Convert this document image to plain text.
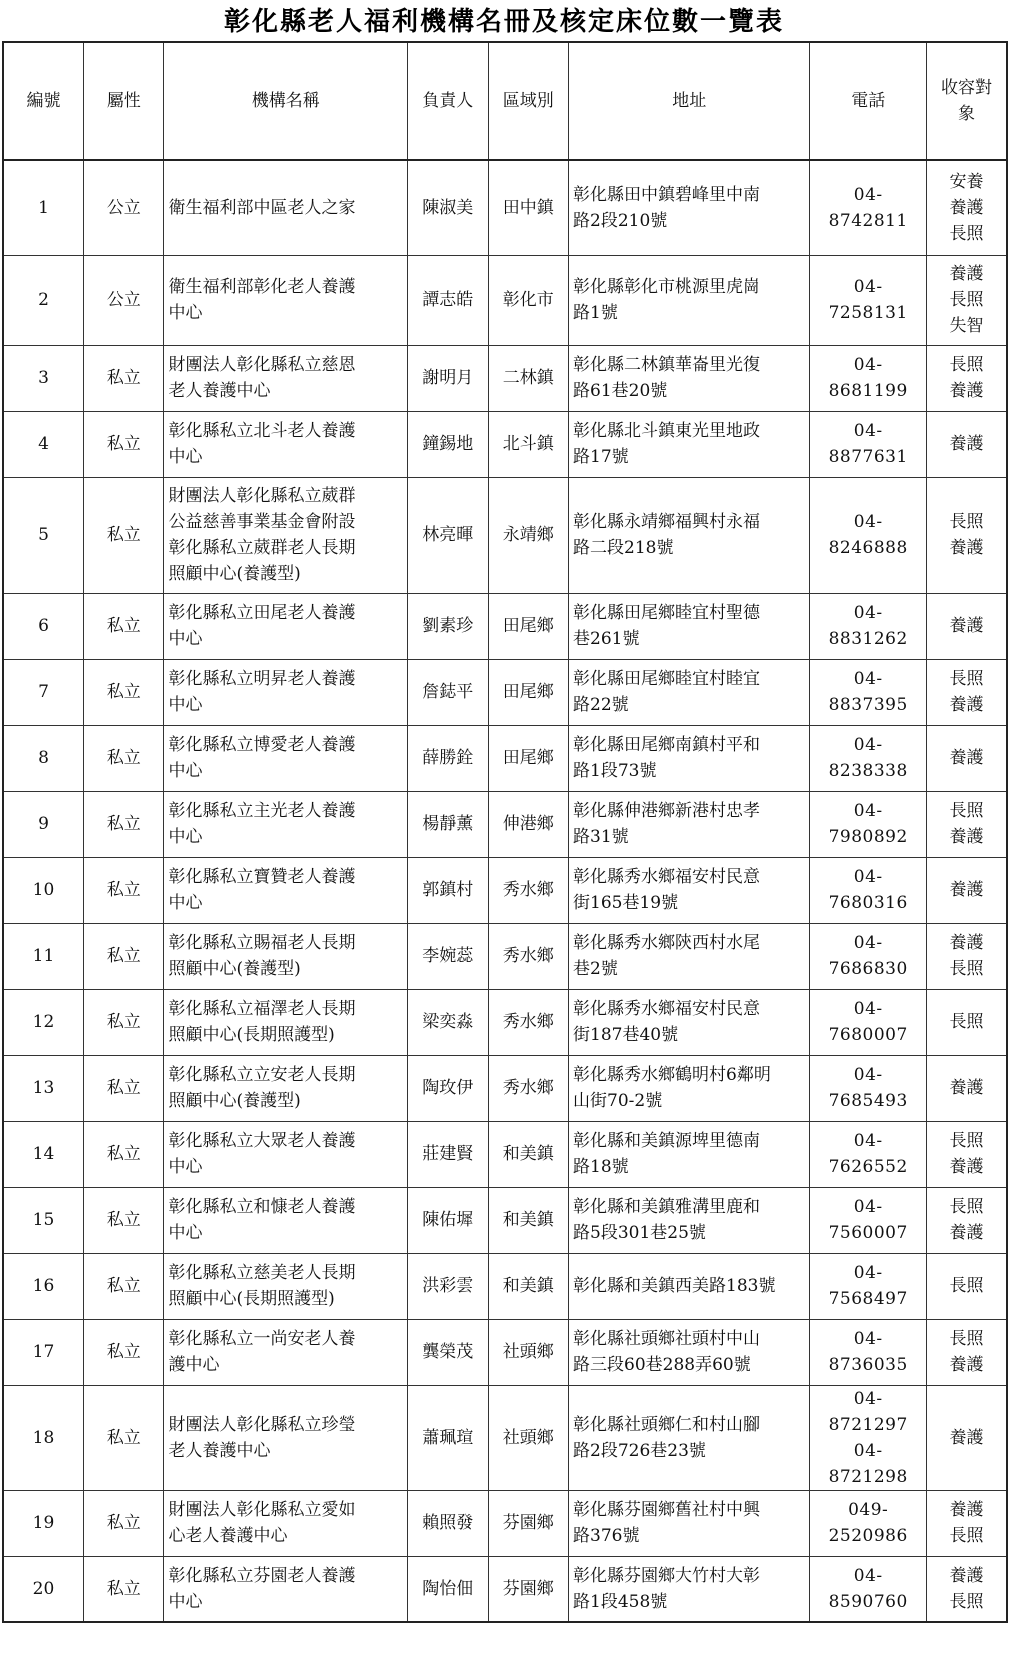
彰化縣老人福利機構名冊及核定床位數一覽表
編號	屬性	機構名稱	負責人	區域別	地址	電話	收容對
象

1	公立	衛生福利部中區老人之家	陳淑美	田中鎮	彰化縣田中鎮碧峰里中南
路2段210號	04-8742811	安養
養護
長照

2	公立	衛生福利部彰化老人養護
中心	譚志皓	彰化市	彰化縣彰化市桃源里虎崗
路1號	04-7258131	養護
長照
失智

3	私立	財團法人彰化縣私立慈恩
老人養護中心	謝明月	二林鎮	彰化縣二林鎮華崙里光復
路61巷20號	04-8681199	長照
養護

4	私立	彰化縣私立北斗老人養護
中心	鐘錫地	北斗鎮	彰化縣北斗鎮東光里地政
路17號	04-8877631	養護

5	私立	財團法人彰化縣私立葳群
公益慈善事業基金會附設
彰化縣私立葳群老人長期
照顧中心(養護型)	林亮暉	永靖鄉	彰化縣永靖鄉福興村永福
路二段218號	04-8246888	長照
養護

6	私立	彰化縣私立田尾老人養護
中心	劉素珍	田尾鄉	彰化縣田尾鄉睦宜村聖德
巷261號	04-8831262	養護

7	私立	彰化縣私立明昇老人養護
中心	詹鋕平	田尾鄉	彰化縣田尾鄉睦宜村睦宜
路22號	04-8837395	長照
養護

8	私立	彰化縣私立博愛老人養護
中心	薛勝銓	田尾鄉	彰化縣田尾鄉南鎮村平和
路1段73號	04-8238338	養護

9	私立	彰化縣私立主光老人養護
中心	楊靜薰	伸港鄉	彰化縣伸港鄉新港村忠孝
路31號	04-7980892	長照
養護

10	私立	彰化縣私立寶贊老人養護
中心	郭鎮村	秀水鄉	彰化縣秀水鄉福安村民意
街165巷19號	04-7680316	養護

11	私立	彰化縣私立賜福老人長期
照顧中心(養護型)	李婉蕊	秀水鄉	彰化縣秀水鄉陝西村水尾
巷2號	04-7686830	養護
長照

12	私立	彰化縣私立福澤老人長期
照顧中心(長期照護型)	梁奕淼	秀水鄉	彰化縣秀水鄉福安村民意
街187巷40號	04-7680007	長照

13	私立	彰化縣私立立安老人長期
照顧中心(養護型)	陶玫伊	秀水鄉	彰化縣秀水鄉鶴明村6鄰明
山街70-2號	04-7685493	養護

14	私立	彰化縣私立大眾老人養護
中心	莊建賢	和美鎮	彰化縣和美鎮源埤里德南
路18號	04-7626552	長照
養護

15	私立	彰化縣私立和慷老人養護
中心	陳佑墀	和美鎮	彰化縣和美鎮雅溝里鹿和
路5段301巷25號	04-7560007	長照
養護

16	私立	彰化縣私立慈美老人長期
照顧中心(長期照護型)	洪彩雲	和美鎮	彰化縣和美鎮西美路183號	04-7568497	長照

17	私立	彰化縣私立一尚安老人養
護中心	龔榮茂	社頭鄉	彰化縣社頭鄉社頭村中山
路三段60巷288弄60號	04-8736035	長照
養護

18	私立	財團法人彰化縣私立珍瑩
老人養護中心	蕭珮瑄	社頭鄉	彰化縣社頭鄉仁和村山腳
路2段726巷23號	04-8721297
04-8721298	養護

19	私立	財團法人彰化縣私立愛如
心老人養護中心	賴照發	芬園鄉	彰化縣芬園鄉舊社村中興
路376號	049-2520986	養護
長照

20	私立	彰化縣私立芬園老人養護
中心	陶怡佃	芬園鄉	彰化縣芬園鄉大竹村大彰
路1段458號	04-8590760	養護
長照
